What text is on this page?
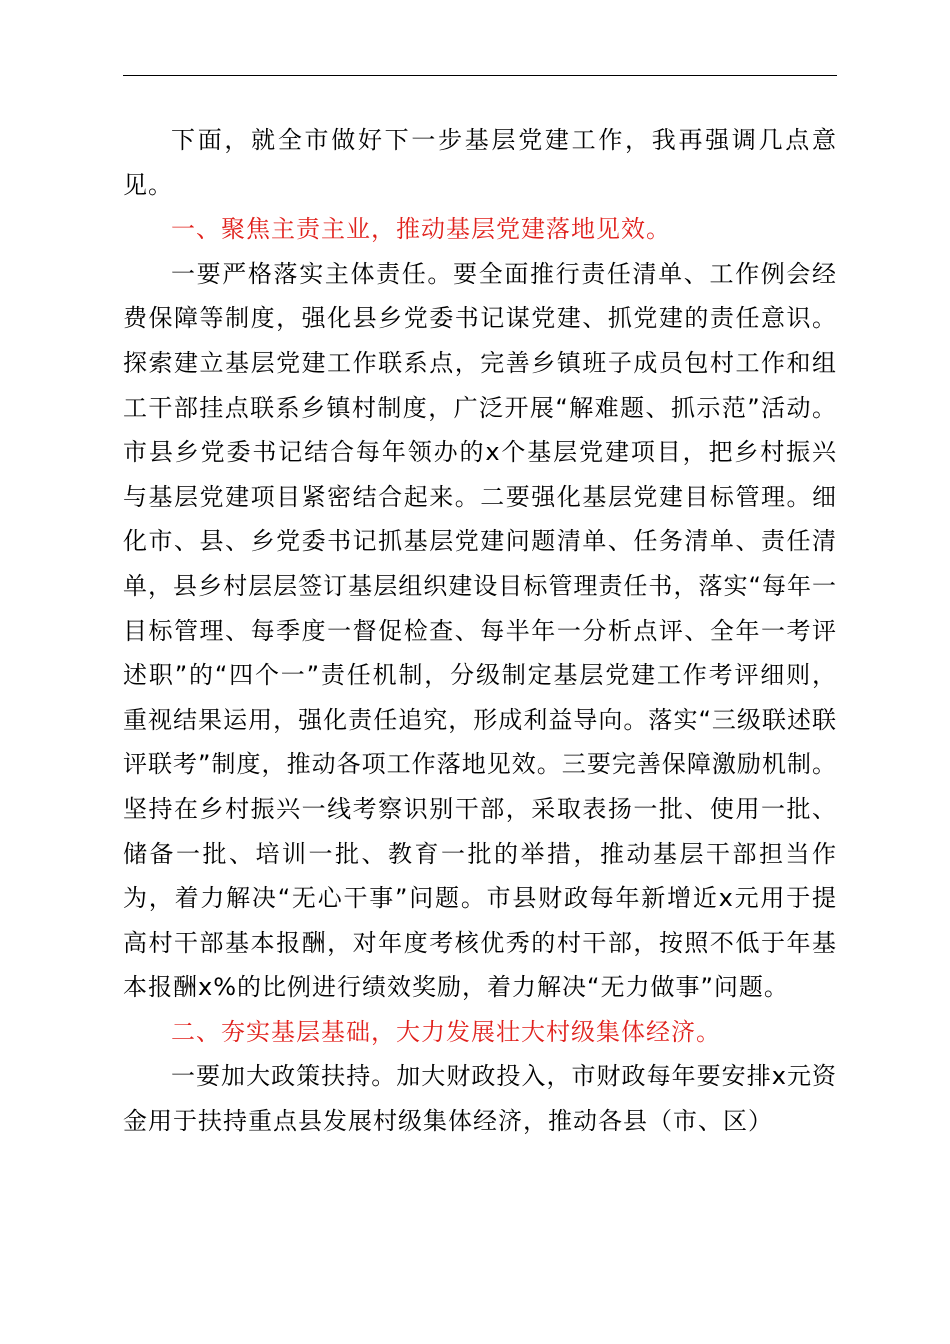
下面，就全市做好下一步基层党建工作，我再强调几点意见。

一、聚焦主责主业，推动基层党建落地见效。

一要严格落实主体责任。要全面推行责任清单、工作例会经费保障等制度，强化县乡党委书记谋党建、抓党建的责任意识。探索建立基层党建工作联系点，完善乡镇班子成员包村工作和组工干部挂点联系乡镇村制度，广泛开展“解难题、抓示范”活动。市县乡党委书记结合每年领办的x个基层党建项目，把乡村振兴与基层党建项目紧密结合起来。二要强化基层党建目标管理。细化市、县、乡党委书记抓基层党建问题清单、任务清单、责任清单，县乡村层层签订基层组织建设目标管理责任书，落实“每年一目标管理、每季度一督促检查、每半年一分析点评、全年一考评述职”的“四个一”责任机制，分级制定基层党建工作考评细则，重视结果运用，强化责任追究，形成利益导向。落实“三级联述联评联考”制度，推动各项工作落地见效。三要完善保障激励机制。坚持在乡村振兴一线考察识别干部，采取表扬一批、使用一批、储备一批、培训一批、教育一批的举措，推动基层干部担当作为，着力解决“无心干事”问题。市县财政每年新增近x元用于提高村干部基本报酬，对年度考核优秀的村干部，按照不低于年基本报酬x%的比例进行绩效奖励，着力解决“无力做事”问题。

二、夯实基层基础，大力发展壮大村级集体经济。

一要加大政策扶持。加大财政投入，市财政每年要安排x元资金用于扶持重点县发展村级集体经济，推动各县（市、区）
